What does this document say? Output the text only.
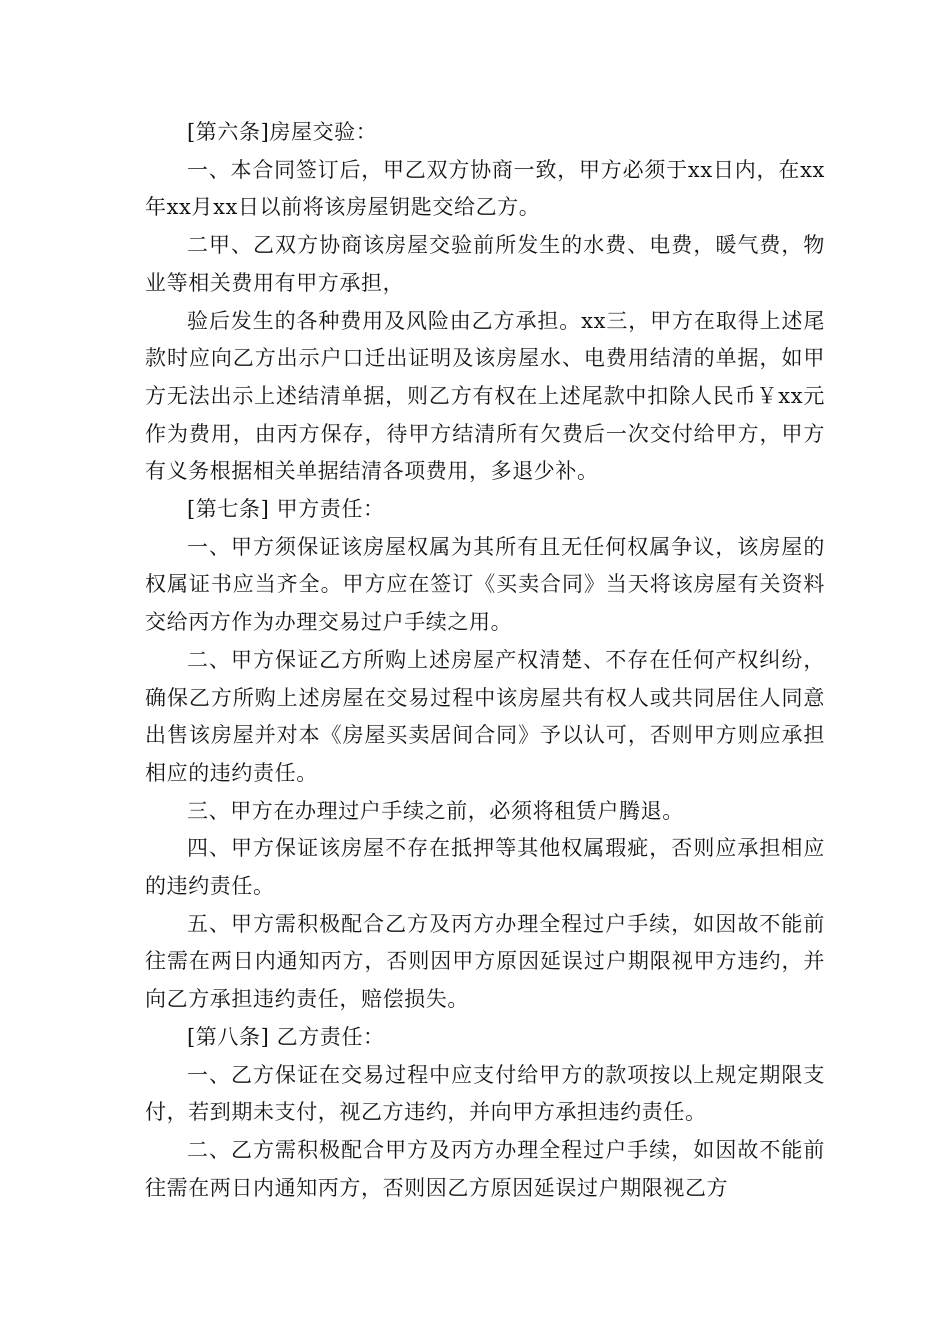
[第六条]房屋交验：

一、本合同签订后，甲乙双方协商一致，甲方必须于xx日内，在xx年xx月xx日以前将该房屋钥匙交给乙方。

二甲、乙双方协商该房屋交验前所发生的水费、电费，暖气费，物业等相关费用有甲方承担，

验后发生的各种费用及风险由乙方承担。xx三，甲方在取得上述尾款时应向乙方出示户口迁出证明及该房屋水、电费用结清的单据，如甲方无法出示上述结清单据，则乙方有权在上述尾款中扣除人民币￥xx元作为费用，由丙方保存，待甲方结清所有欠费后一次交付给甲方，甲方有义务根据相关单据结清各项费用，多退少补。

[第七条] 甲方责任：

一、甲方须保证该房屋权属为其所有且无任何权属争议，该房屋的权属证书应当齐全。甲方应在签订《买卖合同》当天将该房屋有关资料交给丙方作为办理交易过户手续之用。

二、甲方保证乙方所购上述房屋产权清楚、不存在任何产权纠纷，确保乙方所购上述房屋在交易过程中该房屋共有权人或共同居住人同意出售该房屋并对本《房屋买卖居间合同》予以认可，否则甲方则应承担相应的违约责任。

三、甲方在办理过户手续之前，必须将租赁户腾退。

四、甲方保证该房屋不存在抵押等其他权属瑕疵，否则应承担相应的违约责任。

五、甲方需积极配合乙方及丙方办理全程过户手续，如因故不能前往需在两日内通知丙方，否则因甲方原因延误过户期限视甲方违约，并向乙方承担违约责任，赔偿损失。

[第八条] 乙方责任：

一、乙方保证在交易过程中应支付给甲方的款项按以上规定期限支付，若到期未支付，视乙方违约，并向甲方承担违约责任。

二、乙方需积极配合甲方及丙方办理全程过户手续，如因故不能前往需在两日内通知丙方，否则因乙方原因延误过户期限视乙方
